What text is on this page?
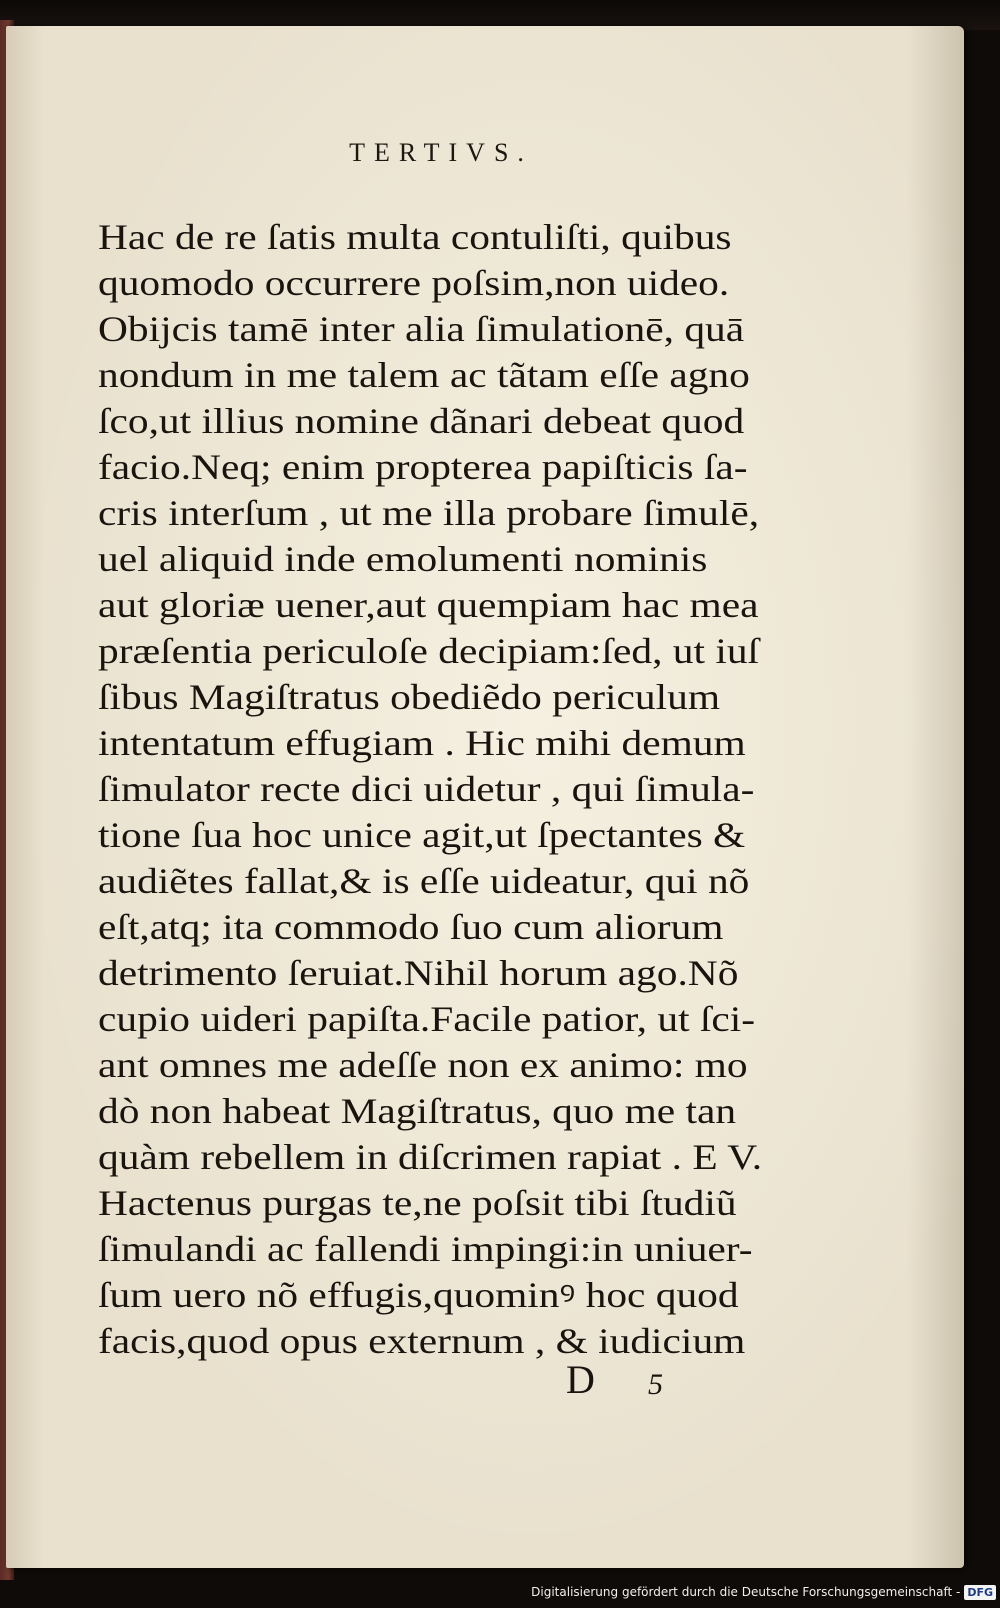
TERTIVS.
Hac de re ſatis multa contuliſti, quibus
quomodo occurrere poſsim,non uideo.
Obijcis tamē inter alia ſimulationē, quā
nondum in me talem ac tãtam eſſe agno
ſco,ut illius nomine dãnari debeat quod
facio.Neq; enim propterea papiſticis ſa-
cris interſum , ut me illa probare ſimulē,
uel aliquid inde emolumenti nominis
aut gloriæ uener,aut quempiam hac mea
præſentia periculoſe decipiam:ſed, ut iuſ
ſibus Magiſtratus obediẽdo periculum
intentatum effugiam . Hic mihi demum
ſimulator recte dici uidetur , qui ſimula-
tione ſua hoc unice agit,ut ſpectantes &
audiẽtes fallat,& is eſſe uideatur, qui nõ
eſt,atq; ita commodo ſuo cum aliorum
detrimento ſeruiat.Nihil horum ago.Nõ
cupio uideri papiſta.Facile patior, ut ſci-
ant omnes me adeſſe non ex animo: mo
dò non habeat Magiſtratus, quo me tan
quàm rebellem in diſcrimen rapiat . E V.
Hactenus purgas te,ne poſsit tibi ſtudiũ
ſimulandi ac fallendi impingi:in uniuer-
ſum uero nõ effugis,quominꝰ hoc quod
facis,quod opus externum , & iudicium
D 5
Digitalisierung gefördert durch die Deutsche Forschungsgemeinschaft - DFG
